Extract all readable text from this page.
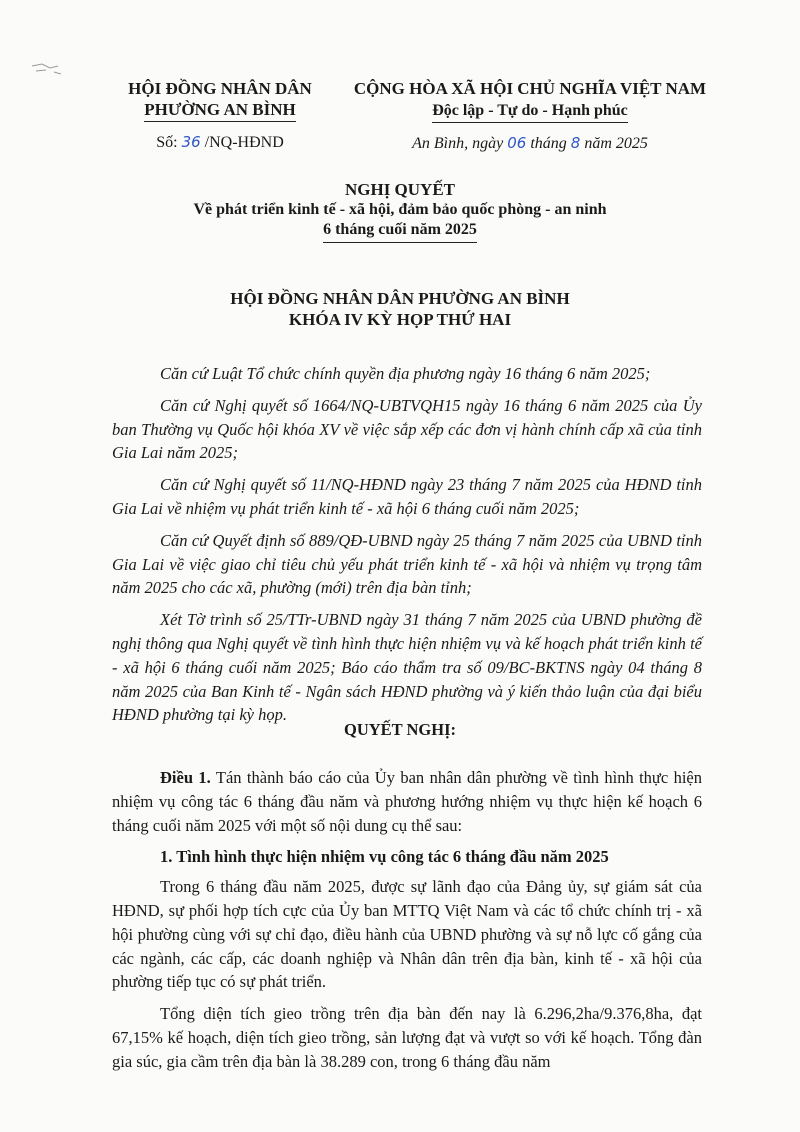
HỘI ĐỒNG NHÂN DÂN
PHƯỜNG AN BÌNH
Số: 36 /NQ-HĐND
CỘNG HÒA XÃ HỘI CHỦ NGHĨA VIỆT NAM
Độc lập - Tự do - Hạnh phúc
An Bình, ngày 06 tháng 8 năm 2025
NGHỊ QUYẾT
Về phát triển kinh tế - xã hội, đảm bảo quốc phòng - an ninh
6 tháng cuối năm 2025
HỘI ĐỒNG NHÂN DÂN PHƯỜNG AN BÌNH
KHÓA IV KỲ HỌP THỨ HAI

Căn cứ Luật Tổ chức chính quyền địa phương ngày 16 tháng 6 năm 2025;

Căn cứ Nghị quyết số 1664/NQ-UBTVQH15 ngày 16 tháng 6 năm 2025 của Ủy ban Thường vụ Quốc hội khóa XV về việc sắp xếp các đơn vị hành chính cấp xã của tỉnh Gia Lai năm 2025;

Căn cứ Nghị quyết số 11/NQ-HĐND ngày 23 tháng 7 năm 2025 của HĐND tỉnh Gia Lai về nhiệm vụ phát triển kinh tế - xã hội 6 tháng cuối năm 2025;

Căn cứ Quyết định số 889/QĐ-UBND ngày 25 tháng 7 năm 2025 của UBND tỉnh Gia Lai về việc giao chỉ tiêu chủ yếu phát triển kinh tế - xã hội và nhiệm vụ trọng tâm năm 2025 cho các xã, phường (mới) trên địa bàn tỉnh;

Xét Tờ trình số 25/TTr-UBND ngày 31 tháng 7 năm 2025 của UBND phường đề nghị thông qua Nghị quyết về tình hình thực hiện nhiệm vụ và kế hoạch phát triển kinh tế - xã hội 6 tháng cuối năm 2025; Báo cáo thẩm tra số 09/BC-BKTNS ngày 04 tháng 8 năm 2025 của Ban Kinh tế - Ngân sách HĐND phường và ý kiến thảo luận của đại biểu HĐND phường tại kỳ họp.

QUYẾT NGHỊ:

Điều 1. Tán thành báo cáo của Ủy ban nhân dân phường về tình hình thực hiện nhiệm vụ công tác 6 tháng đầu năm và phương hướng nhiệm vụ thực hiện kế hoạch 6 tháng cuối năm 2025 với một số nội dung cụ thể sau:

1. Tình hình thực hiện nhiệm vụ công tác 6 tháng đầu năm 2025

Trong 6 tháng đầu năm 2025, được sự lãnh đạo của Đảng ủy, sự giám sát của HĐND, sự phối hợp tích cực của Ủy ban MTTQ Việt Nam và các tổ chức chính trị - xã hội phường cùng với sự chỉ đạo, điều hành của UBND phường và sự nỗ lực cố gắng của các ngành, các cấp, các doanh nghiệp và Nhân dân trên địa bàn, kinh tế - xã hội của phường tiếp tục có sự phát triển.

Tổng diện tích gieo trồng trên địa bàn đến nay là 6.296,2ha/9.376,8ha, đạt 67,15% kế hoạch, diện tích gieo trồng, sản lượng đạt và vượt so với kế hoạch. Tổng đàn gia súc, gia cầm trên địa bàn là 38.289 con, trong 6 tháng đầu năm
